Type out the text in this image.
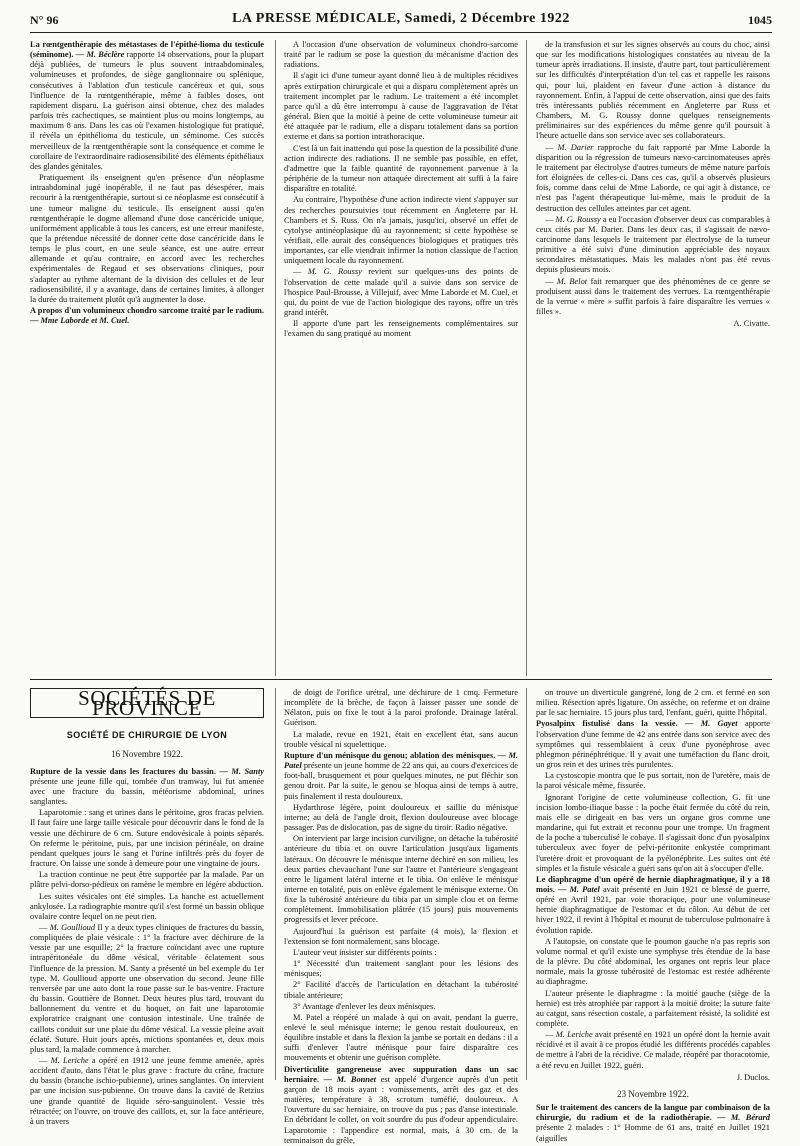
N° 96	LA PRESSE MÉDICALE, Samedi, 2 Décembre 1922	1045

La rœntgenthérapie des métastases de l'épithé-lioma du testicule (séminome). — M. Béclère rapporte 14 observations, pour la plupart déjà publiées, de tumeurs le plus souvent intraabdominales, volumineuses et profondes, de siège ganglionnaire ou splénique, consécutives à l'ablation d'un testicule cancéreux et qui, sous l'influence de la rœntgenthérapie, même à faibles doses, ont rapidement disparu. La guérison ainsi obtenue, chez des malades parfois très cachectiques, se maintient plus ou moins longtemps, au maximum 8 ans. Dans les cas où l'examen histologique fut pratiqué, il révéla un épithélioma du testicule, un séminome. Ces succès merveilleux de la rœntgenthérapie sont la conséquence et comme le corollaire de l'extraordinaire radiosensibilité des éléments épithéliaux des glandes génitales.

Pratiquement ils enseignent qu'en présence d'un néoplasme intraabdominal jugé inopérable, il ne faut pas désespérer, mais recourir à la rœntgenthérapie, surtout si ce néoplasme est consécutif à une tumeur maligne du testicule. Ils enseignent aussi qu'en rœntgenthérapie le dogme allemand d'une dose cancéricide unique, uniformément applicable à tous les cancers, est une erreur manifeste, que la prétendue nécessité de donner cette dose cancéricide dans le temps le plus court, en une seule séance, est une autre erreur allemande et qu'au contraire, en accord avec les recherches expérimentales de Regaud et ses observations cliniques, pour s'adapter au rythme alternant de la division des cellules et de leur radiosensibilité, il y a avantage, dans de certaines limites, à allonger la durée du traitement plutôt qu'à augmenter la dose.

A propos d'un volumineux chondro sarcome traité par le radium. — Mme Laborde et M. Cuel.

A l'occasion d'une observation de volumineux chondro-sarcome traité par le radium se pose la question du mécanisme d'action des radiations.

Il s'agit ici d'une tumeur ayant donné lieu à de multiples récidives après extirpation chirurgicale et qui a disparu complètement après un traitement incomplet par le radium. Le traitement a été incomplet parce qu'il a dû être interrompu à cause de l'aggravation de l'état général. Bien que la moitié à peine de cette volumineuse tumeur ait été attaquée par le radium, elle a disparu totalement dans sa portion externe et dans sa portion intrathoracique.

C'est là un fait inattendu qui pose la question de la possibilité d'une action indirecte des radiations. Il ne semble pas possible, en effet, d'admettre que la faible quantité de rayonnement parvenue à la périphérie de la tumeur non attaquée directement ait suffi à la faire disparaître en totalité.

Au contraire, l'hypothèse d'une action indirecte vient s'appuyer sur des recherches poursuivies tout récemment en Angleterre par H. Chambers et S. Russ. On n'a jamais, jusqu'ici, observé un effet de cytolyse antinéoplasique dû au rayonnement; si cette hypothèse se vérifiait, elle aurait des conséquences biologiques et pratiques très importantes, car elle viendrait infirmer la notion classique de l'action uniquement locale du rayonnement.

— M. G. Roussy revient sur quelques-uns des points de l'observation de cette malade qu'il a suivie dans son service de l'hospice Paul-Brousse, à Villejuif, avec Mme Laborde et M. Cuel, et qui, du point de vue de l'action biologique des rayons, offre un très grand intérêt.

Il apporte d'une part les renseignements complémentaires sur l'examen du sang pratiqué au moment

de la transfusion et sur les signes observés au cours du choc, ainsi que sur les modifications histologiques constatées au niveau de la tumeur après irradiations. Il insiste, d'autre part, tout particulièrement sur les difficultés d'interprétation d'un tel cas et rappelle les raisons qui, pour lui, plaident en faveur d'une action à distance du rayonnement. Enfin, à l'appui de cette observation, ainsi que des faits très intéressants publiés récemment en Angleterre par Russ et Chambers, M. G. Roussy donne quelques renseignements préliminaires sur des expériences du même genre qu'il poursuit à l'heure actuelle dans son service avec ses collaborateurs.

— M. Darier rapproche du fait rapporté par Mme Laborde la disparition ou la régression de tumeurs nævo-carcinomateuses après le traitement par électrolyse d'autres tumeurs de même nature parfois fort éloignées de celles-ci. Dans ces cas, qu'il a observés plusieurs fois, comme dans celui de Mme Laborde, ce qui agit à distance, ce n'est pas l'agent thérapeutique lui-même, mais le produit de la destruction des cellules atteintes par cet agent.

— M. G. Roussy a eu l'occasion d'observer deux cas comparables à ceux cités par M. Darier. Dans les deux cas, il s'agissait de nævo-carcinome dans lesquels le traitement par électrolyse de la tumeur primitive a été suivi d'une diminution appréciable des noyaux secondaires métastatiques. Mais les malades n'ont pas été revus depuis plusieurs mois.

— M. Belot fait remarquer que des phénomènes de ce genre se produisent aussi dans le traitement des verrues. La rœntgenthérapie de la verrue « mère » suffit parfois à faire disparaître les verrues « filles ».

A. Civatte.

SOCIÉTÉS DE PROVINCE
SOCIÉTÉ DE CHIRURGIE DE LYON
16 Novembre 1922.

Rupture de la vessie dans les fractures du bassin. — M. Santy présente une jeune fille qui, tombée d'un tramway, lui fut amenée avec une fracture du bassin, météorisme abdominal, urines sanglantes.

Laparotomie : sang et urines dans le péritoine, gros fracas pelvien. Il faut faire une large taille vésicale pour découvrir dans le fond de la vessie une déchirure de 6 cm. Suture endovésicale à points séparés. On referme le péritoine, puis, par une incision périnéale, on draine pendant quelques jours le sang et l'urine infiltrés près du foyer de fracture. On laisse une sonde à demeure pour une vingtaine de jours.

La traction continue ne peut être supportée par la malade. Par un plâtre pelvi-dorso-pédieux on ramène le membre en légère abduction.

Les suites vésicales ont été simples. La hanche est actuellement ankylosée. La radiographie montre qu'il s'est formé un bassin oblique ovalaire contre lequel on ne peut rien.

— M. Goullioud Il y a deux types cliniques de fractures du bassin, compliquées de plaie vésicale : 1° la fracture avec déchirure de la vessie par une esquille; 2° la fracture coïncidant avec une rupture intrapéritonéale du dôme vésical, véritable éclatement sous l'influence de la pression. M. Santy a présenté un bel exemple du 1er type. M. Goullioud apporte une observation du second. Jeune fille renversée par une auto dont la roue passe sur le bas-ventre. Fracture du bassin. Gouttière de Bonnet. Deux heures plus tard, trouvant du ballonnement du ventre et du hoquet, on fait une laparotomie exploratrice craignant une contusion intestinale. Une traînée de caillots conduit sur une plaie du dôme vésical. La vessie pleine avait éclaté. Suture. Huit jours après, mictions spontanées et, deux mois plus tard, la malade commence à marcher.

— M. Leriche a opéré en 1912 une jeune femme amenée, après accident d'auto, dans l'état le plus grave : fracture du crâne, fracture du bassin (branche ischio-pubienne), urines sanglantes. On intervient par une incision sus-pubienne. On trouve dans la cavité de Retzius une grande quantité de liquide séro-sanguinolent. Vessie très rétractée; on l'ouvre, on trouve des caillots, et, sur la face antérieure, à un travers

de doigt de l'orifice urétral, une déchirure de 1 cmq. Fermeture incomplète de la brèche, de façon à laisser passer une sonde de Nélaton, puis on fixe le tout à la paroi profonde. Drainage latéral. Guérison.

La malade, revue en 1921, était en excellent état, sans aucun trouble vésical ni squelettique.

Rupture d'un ménisque du genou; ablation des ménisques. — M. Patel présente un jeune homme de 22 ans qui, au cours d'exercices de foot-ball, brusquement et pour quelques minutes, ne put fléchir son genou droit. Par la suite, le genou se bloqua ainsi de temps à autre, puis finalement il resta douloureux.

Hydarthrose légère, point douloureux et saillie du ménisque interne; au delà de l'angle droit, flexion douloureuse avec blocage passager. Pas de dislocation, pas de signe du tiroir. Radio négative.

On intervient par large incision curviligne, on détache la tubérosité antérieure du tibia et on ouvre l'articulation jusqu'aux ligaments latéraux. On découvre le ménisque interne déchiré en son milieu, les deux parties chevauchant l'une sur l'autre et l'antérieure s'engageant entre le ligament latéral interne et le tibia. On enlève le ménisque interne en totalité, puis on enlève également le ménisque externe. On fixe la tubérosité antérieure du tibia par un simple clou et on ferme complètement. Immobilisation plâtrée (15 jours) puis mouvements progressifs et lever précoce.

Aujourd'hui la guérison est parfaite (4 mois), la flexion et l'extension se font normalement, sans blocage.

L'auteur veut insister sur différents points :

1° Nécessité d'un traitement sanglant pour les lésions des ménisques;

2° Facilité d'accès de l'articulation en détachant la tubérosité tibiale antérieure;

3° Avantage d'enlever les deux ménisques.

M. Patel a réopéré un malade à qui on avait, pendant la guerre, enlevé le seul ménisque interne; le genou restait douloureux, en équilibre instable et dans la flexion la jambe se portait en dedans : il a suffi d'enlever l'autre ménisque pour faire disparaître ces mouvements et obtenir une guérison complète.

Diverticulite gangreneuse avec suppuration dans un sac herniaire. — M. Bonnet est appelé d'urgence auprès d'un petit garçon de 18 mois ayant : vomissements, arrêt des gaz et des matières, température à 38, scrotum tuméfié, douloureux. A l'ouverture du sac herniaire, on trouve du pus ; pas d'anse intestinale. En débridant le collet, on voit sourdre du pus d'odeur appendiculaire. Laparotomie : l'appendice est normal, mais, à 30 cm. de la terminaison du grêle,

on trouve un diverticule gangrené, long de 2 cm. et fermé en son milieu. Résection après ligature. On assèche, on referme et on draine par le sac herniaire. 15 jours plus tard, l'enfant, guéri, quitte l'hôpital.

Pyosalpinx fistulisé dans la vessie. — M. Gayet apporte l'observation d'une femme de 42 ans entrée dans son service avec des symptômes qui ressemblaient à ceux d'une pyonéphrose avec phlegmon périnéphrétique. Il y avait une tuméfaction du flanc droit, un gros rein et des urines très purulentes.

La cystoscopie montra que le pus sortait, non de l'uretère, mais de la paroi vésicale même, fissurée.

Ignorant l'origine de cette volumineuse collection, G. fit une incision lombo-iliaque basse : la poche était fermée du côté du rein, mais elle se dirigeait en bas vers un organe gros comme une mandarine, qui fut extrait et reconnu pour une trompe. Un fragment de la poche a tuberculisé le cobaye. Il s'agissait donc d'un pyosalpinx tuberculeux avec foyer de pelvi-péritonite enkystée comprimant l'uretère droit et provoquant de la pyélonéphrite. Les suites ont été simples et la fistule vésicale a guéri sans qu'on ait à s'occuper d'elle.

Le diaphragme d'un opéré de hernie diaphragmatique, il y a 18 mois. — M. Patel avait présenté en Juin 1921 ce blessé de guerre, opéré en Avril 1921, par voie thoracique, pour une volumineuse hernie diaphragmatique de l'estomac et du côlon. Au début de cet hiver 1922, il revint à l'hôpital et mourut de tuberculose pulmonaire à évolution rapide.

A l'autopsie, on constate que le poumon gauche n'a pas repris son volume normal et qu'il existe une symphyse très étendue de la base de la plèvre. Du côté abdominal, les organes ont repris leur place normale, mais la grosse tubérosité de l'estomac est restée adhérente au diaphragme.

L'auteur présente le diaphragme : la moitié gauche (siège de la hernie) est très atrophiée par rapport à la moitié droite; la suture faite au catgut, sans résection costale, a parfaitement résisté, la solidité est complète.

— M. Leriche avait présenté en 1921 un opéré dont la hernie avait récidivé et il avait à ce propos étudié les différents procédés capables de mettre à l'abri de la récidive. Ce malade, réopéré par thoracotomie, a été revu en Juillet 1922, guéri.

J. Duclos.

23 Novembre 1922.

Sur le traitement des cancers de la langue par combinaison de la chirurgie, du radium et de la radiothérapie. — M. Bérard présente 2 malades : 1° Homme de 61 ans, traité en Juillet 1921 (aiguilles
